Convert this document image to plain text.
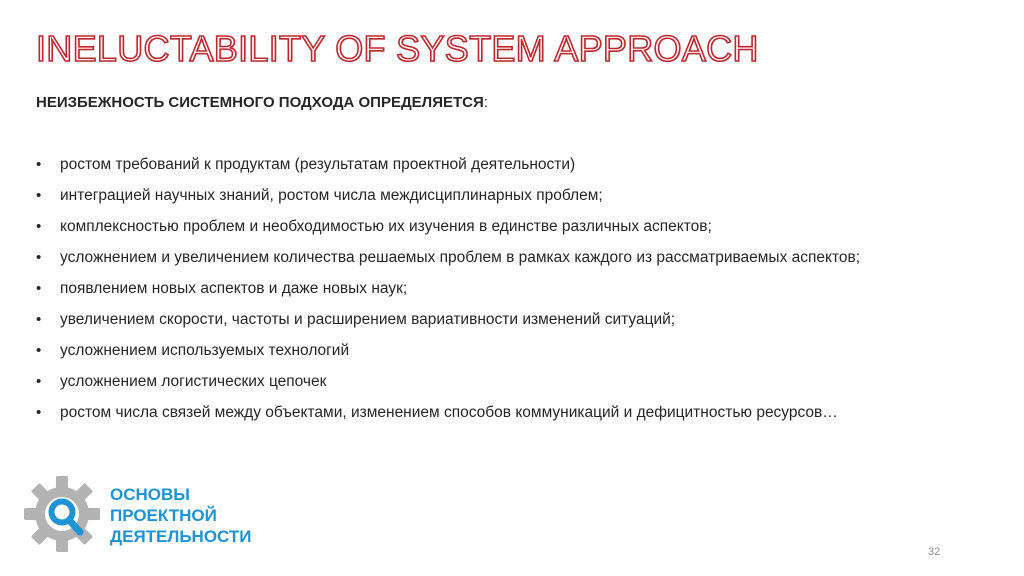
INELUCTABILITY OF SYSTEM APPROACH

НЕИЗБЕЖНОСТЬ СИСТЕМНОГО ПОДХОДА ОПРЕДЕЛЯЕТСЯ:

• ростом требований к продуктам (результатам проектной деятельности)
• интеграцией научных знаний, ростом числа междисциплинарных проблем;
• комплексностью проблем и необходимостью их изучения в единстве различных аспектов;
• усложнением и увеличением количества решаемых проблем в рамках каждого из рассматриваемых аспектов;
• появлением новых аспектов и даже новых наук;
• увеличением скорости, частоты и расширением вариативности изменений ситуаций;
• усложнением используемых технологий
• усложнением логистических цепочек
• ростом числа связей между объектами, изменением способов коммуникаций и дефицитностью ресурсов…
ОСНОВЫ
ПРОЕКТНОЙ
ДЕЯТЕЛЬНОСТИ
32
